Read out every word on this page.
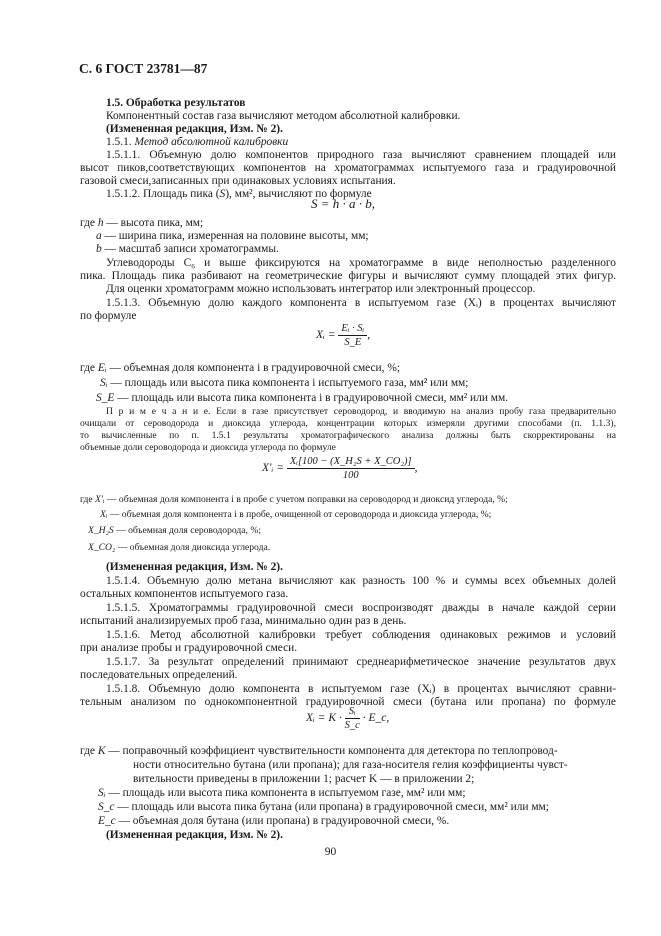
С. 6 ГОСТ 23781—87
1.5. Обработка результатов
Компонентный состав газа вычисляют методом абсолютной калибровки.
(Измененная редакция, Изм. № 2).
1.5.1. Метод абсолютной калибровки
1.5.1.1. Объемную долю компонентов природного газа вычисляют сравнением площадей или
высот пиков,соответствующих компонентов на хроматограммах испытуемого газа и градуировочной
газовой смеси,записанных при одинаковых условиях испытания.
1.5.1.2. Площадь пика (S), мм², вычисляют по формуле
S = h · a · b,
где h — высота пика, мм;
a — ширина пика, измеренная на половине высоты, мм;
b — масштаб записи хроматограммы.
Углеводороды С₆ и выше фиксируются на хроматограмме в виде неполностью разделенного
пика. Площадь пика разбивают на геометрические фигуры и вычисляют сумму площадей этих фигур.
Для оценки хроматограмм можно использовать интегратор или электронный процессор.
1.5.1.3. Объемную долю каждого компонента в испытуемом газе (Xᵢ) в процентах вычисляют
по формуле
Xᵢ = $\frac{\text{Eᵢ · Sᵢ}}{S\_E}$ ,
где Eᵢ — объемная доля компонента i в градуировочной смеси, %;
Sᵢ — площадь или высота пика компонента i испытуемого газа, мм² или мм;
S_E — площадь или высота пика компонента i в градуировочной смеси, мм² или мм.
П р и м е ч а н и е. Если в газе присутствует сероводород, и вводимую на анализ пробу газа предварительно
очищали от сероводорода и диоксида углерода, концентрации которых измеряли другими способами (п. 1.1.3),
то вычисленные по п. 1.5.1 результаты хроматографического анализа должны быть скорректированы на
объемные доли сероводорода и диоксида углерода по формуле
X′ᵢ = $\frac{\text{Xᵢ[100 − (X\_H₂S + X\_CO₂)]}}{100}$ ,
где X′ᵢ — объемная доля компонента i в пробе с учетом поправки на сероводород и диоксид углерода, %;
Xᵢ — объемная доля компонента i в пробе, очищенной от сероводорода и диоксида углерода, %;
X_H₂S — объемная доля сероводорода, %;
X_CO₂ — объемная доля диоксида углерода.
(Измененная редакция, Изм. № 2).
1.5.1.4. Объемную долю метана вычисляют как разность 100 % и суммы всех объемных долей
остальных компонентов испытуемого газа.
1.5.1.5. Хроматограммы градуировочной смеси воспроизводят дважды в начале каждой серии
испытаний анализируемых проб газа, минимально один раз в день.
1.5.1.6. Метод абсолютной калибровки требует соблюдения одинаковых режимов и условий
при анализе пробы и градуировочной смеси.
1.5.1.7. За результат определений принимают среднеарифметическое значение результатов двух
последовательных определений.
1.5.1.8. Объемную долю компонента в испытуемом газе (Xᵢ) в процентах вычисляют сравни-
тельным анализом по однокомпонентной градуировочной смеси (бутана или пропана) по формуле
Xᵢ = $K \cdot \frac{\text{Sᵢ}}{S\_c}$ · E_c,
где K — поправочный коэффициент чувствительности компонента для детектора по теплопровод-
ности относительно бутана (или пропана); для газа-носителя гелия коэффициенты чувст-
вительности приведены в приложении 1; расчет K — в приложении 2;
Sᵢ — площадь или высота пика компонента в испытуемом газе, мм² или мм;
S_c — площадь или высота пика бутана (или пропана) в градуировочной смеси, мм² или мм;
E_c — объемная доля бутана (или пропана) в градуировочной смеси, %.
(Измененная редакция, Изм. № 2).
90
